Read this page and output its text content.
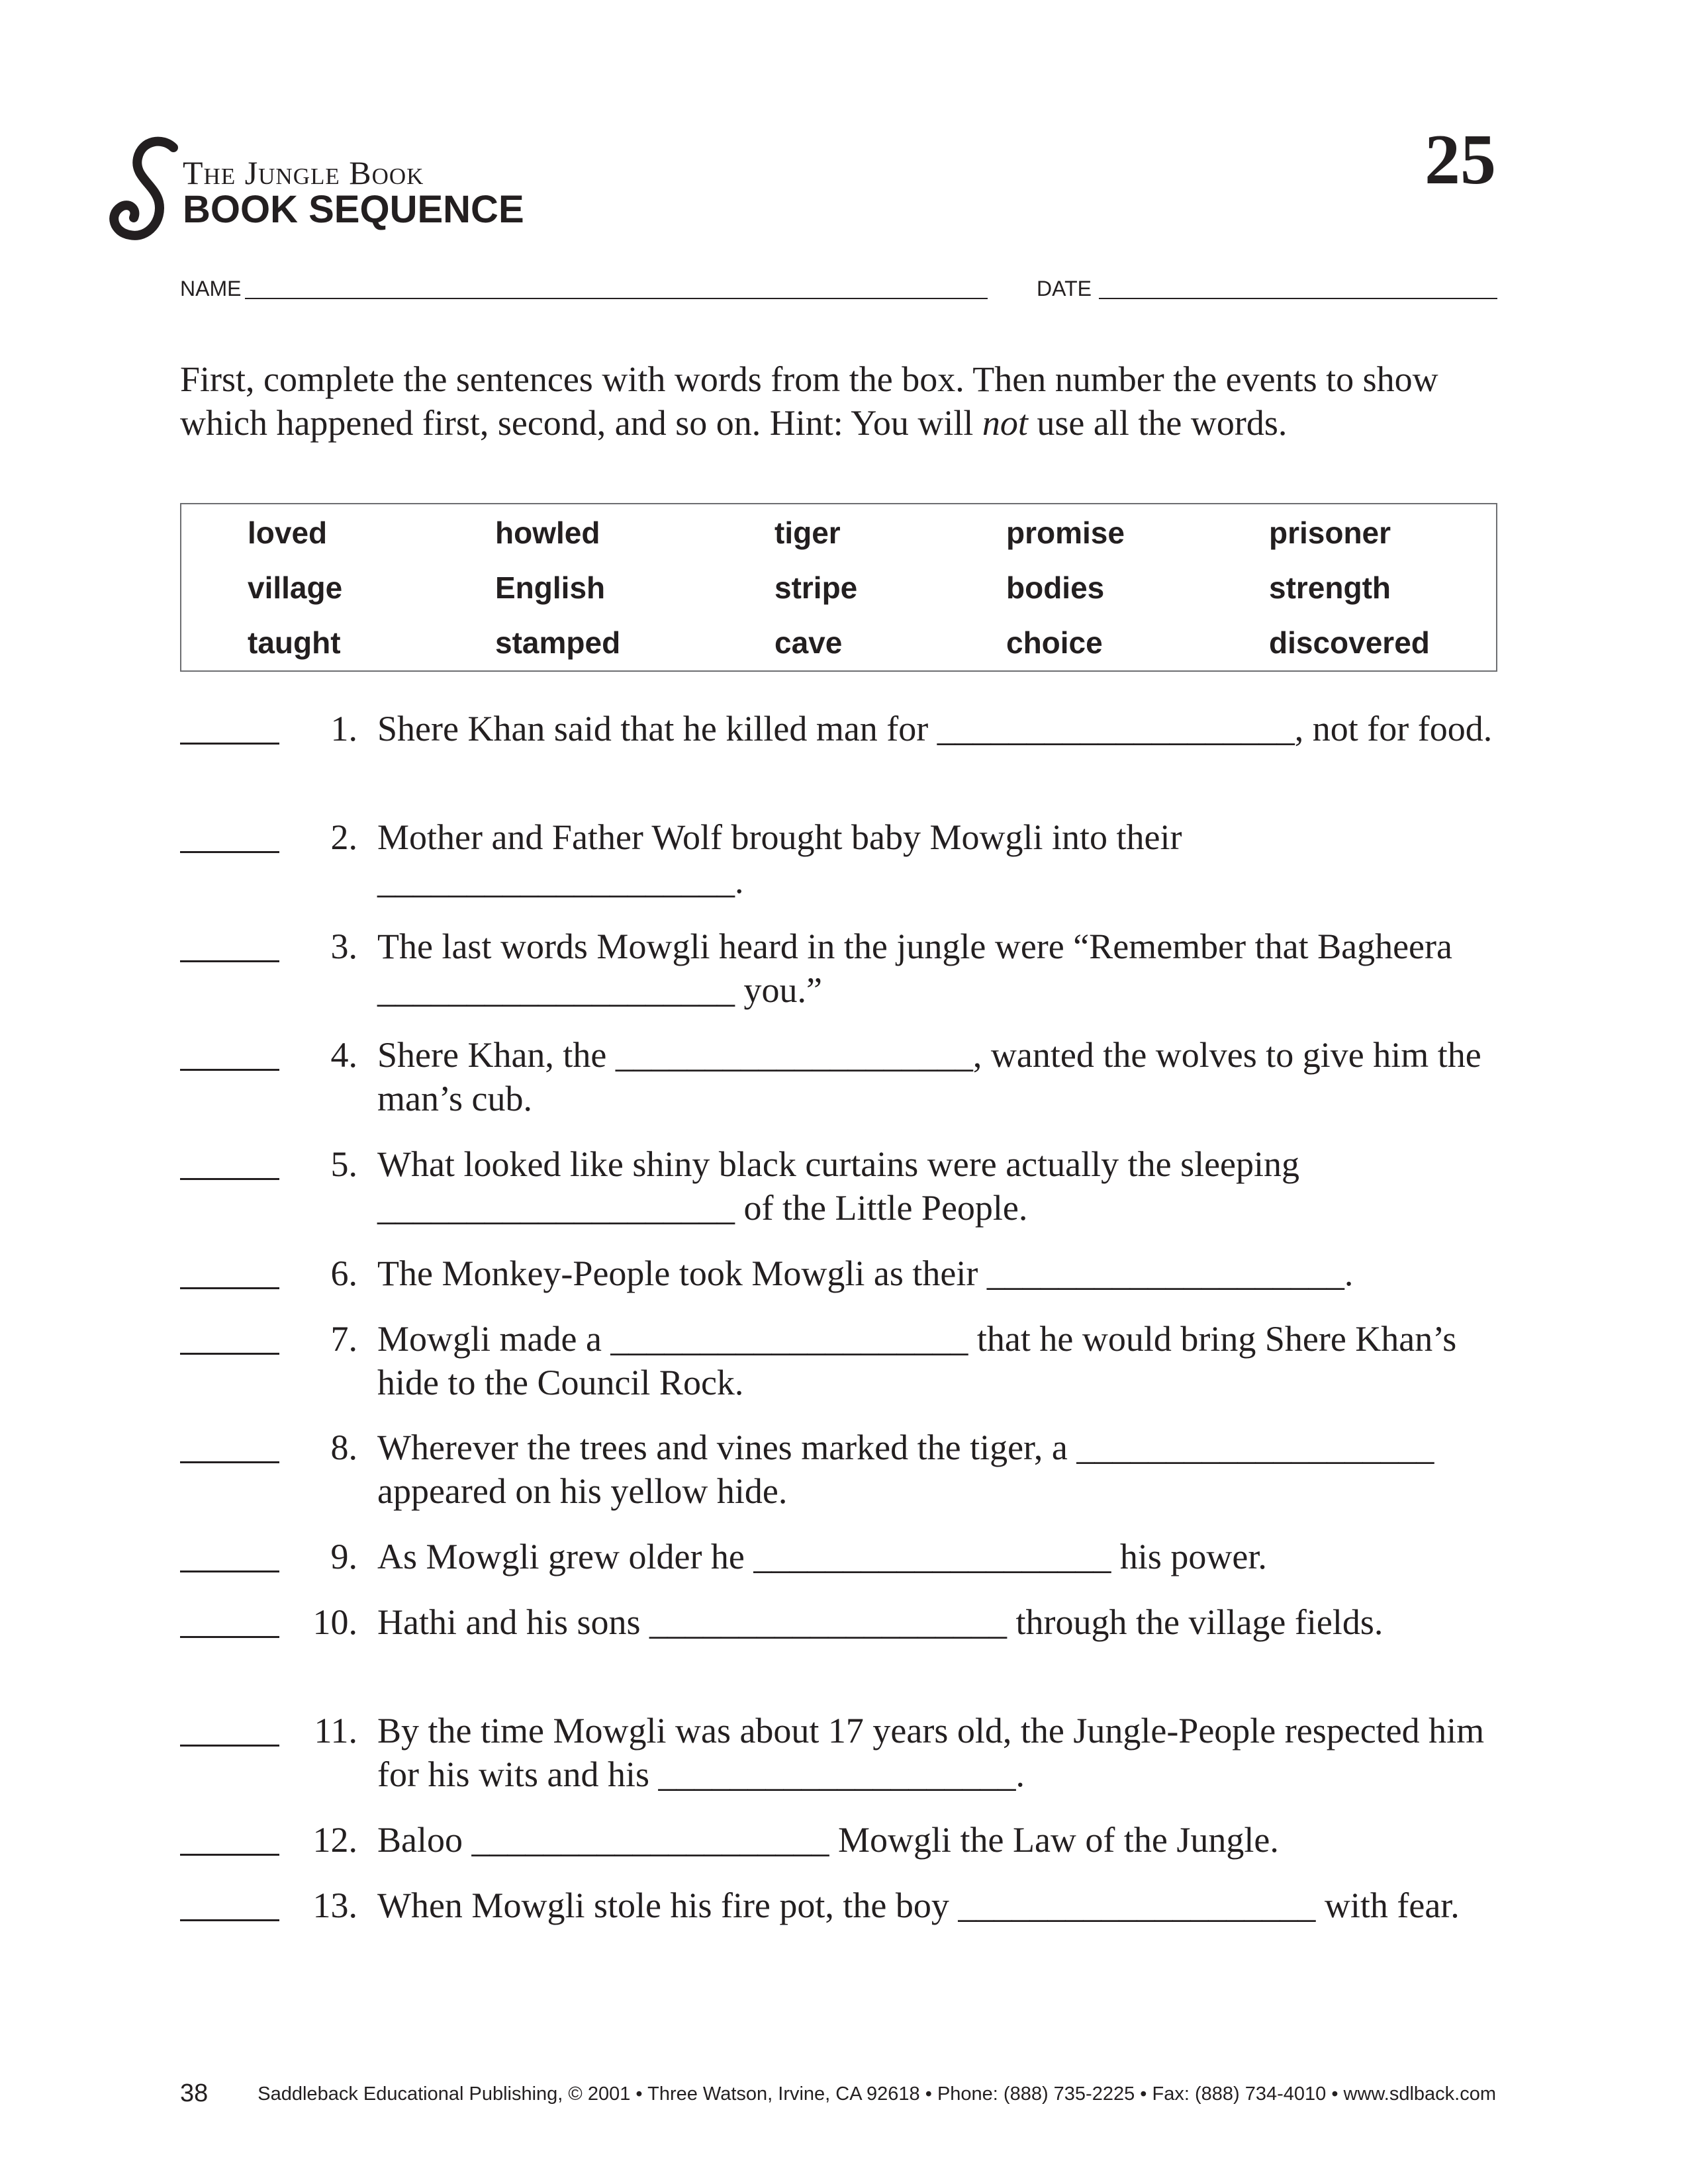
The Jungle Book
BOOK SEQUENCE
25
NAME	DATE
First, complete the sentences with words from the box. Then number the events to show which happened first, second, and so on. Hint: You will not use all the words.
loved	howled	tiger	promise	prisoner
village	English	stripe	bodies	strength
taught	stamped	cave	choice	discovered
1. Shere Khan said that he killed man for ____________________, not for food.
2. Mother and Father Wolf brought baby Mowgli into their ____________________.
3. The last words Mowgli heard in the jungle were “Remember that Bagheera ____________________ you.”
4. Shere Khan, the ____________________, wanted the wolves to give him the man’s cub.
5. What looked like shiny black curtains were actually the sleeping ____________________ of the Little People.
6. The Monkey-People took Mowgli as their ____________________.
7. Mowgli made a ____________________ that he would bring Shere Khan’s hide to the Council Rock.
8. Wherever the trees and vines marked the tiger, a ____________________ appeared on his yellow hide.
9. As Mowgli grew older he ____________________ his power.
10. Hathi and his sons ____________________ through the village fields.
11. By the time Mowgli was about 17 years old, the Jungle-People respected him for his wits and his ____________________.
12. Baloo ____________________ Mowgli the Law of the Jungle.
13. When Mowgli stole his fire pot, the boy ____________________ with fear.
38	Saddleback Educational Publishing, © 2001 • Three Watson, Irvine, CA 92618 • Phone: (888) 735-2225 • Fax: (888) 734-4010 • www.sdlback.com
